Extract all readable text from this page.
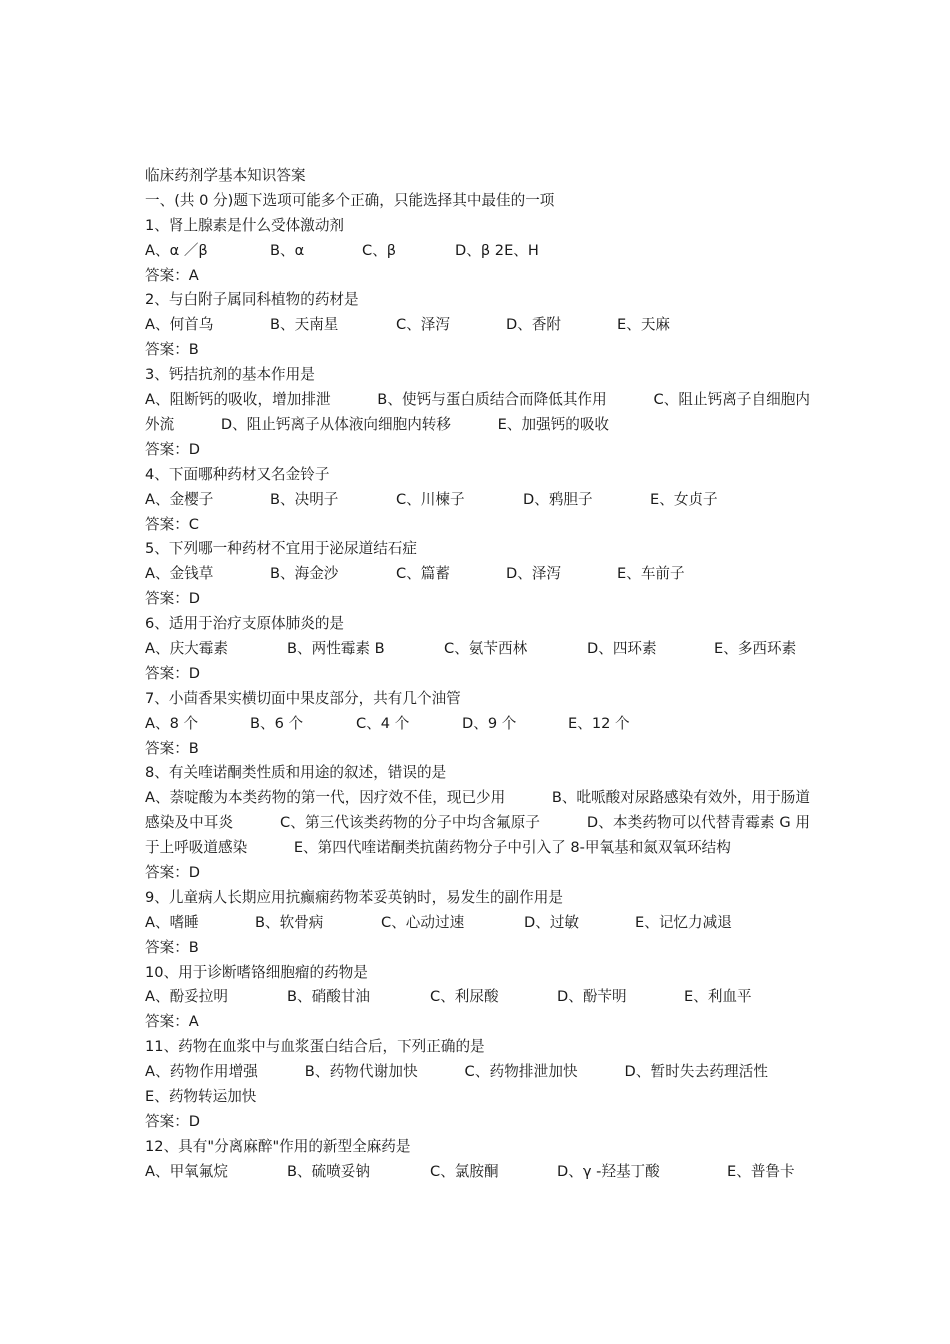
临床药剂学基本知识答案
一、(共 0 分)题下选项可能多个正确，只能选择其中最佳的一项
1、肾上腺素是什么受体激动剂
A、α ／β	B、α	C、β	D、β 2E、H
答案：A
2、与白附子属同科植物的药材是
A、何首乌	B、天南星	C、泽泻	D、香附	E、天麻
答案：B
3、钙拮抗剂的基本作用是
A、阻断钙的吸收，增加排泄	B、使钙与蛋白质结合而降低其作用	C、阻止钙离子自细胞内外流	D、阻止钙离子从体液向细胞内转移	E、加强钙的吸收
答案：D
4、下面哪种药材又名金铃子
A、金樱子	B、决明子	C、川楝子	D、鸦胆子	E、女贞子
答案：C
5、下列哪一种药材不宜用于泌尿道结石症
A、金钱草	B、海金沙	C、篇蓄	D、泽泻	E、车前子
答案：D
6、适用于治疗支原体肺炎的是
A、庆大霉素	B、两性霉素 B	C、氨苄西林	D、四环素	E、多西环素
答案：D
7、小茴香果实横切面中果皮部分，共有几个油管
A、8 个	B、6 个	C、4 个	D、9 个	E、12 个
答案：B
8、有关喹诺酮类性质和用途的叙述，错误的是
A、萘啶酸为本类药物的第一代，因疗效不佳，现已少用	B、吡哌酸对尿路感染有效外，用于肠道感染及中耳炎	C、第三代该类药物的分子中均含氟原子	D、本类药物可以代替青霉素 G 用于上呼吸道感染	E、第四代喹诺酮类抗菌药物分子中引入了 8-甲氧基和氮双氧环结构
答案：D
9、儿童病人长期应用抗癫痫药物苯妥英钠时，易发生的副作用是
A、嗜睡	B、软骨病	C、心动过速	D、过敏	E、记忆力减退
答案：B
10、用于诊断嗜铬细胞瘤的药物是
A、酚妥拉明	B、硝酸甘油	C、利尿酸	D、酚苄明	E、利血平
答案：A
11、药物在血浆中与血浆蛋白结合后，下列正确的是
A、药物作用增强	B、药物代谢加快	C、药物排泄加快	D、暂时失去药理活性 E、药物转运加快
答案：D
12、具有"分离麻醉"作用的新型全麻药是
A、甲氧氟烷	B、硫喷妥钠	C、氯胺酮	D、γ -羟基丁酸	E、普鲁卡
